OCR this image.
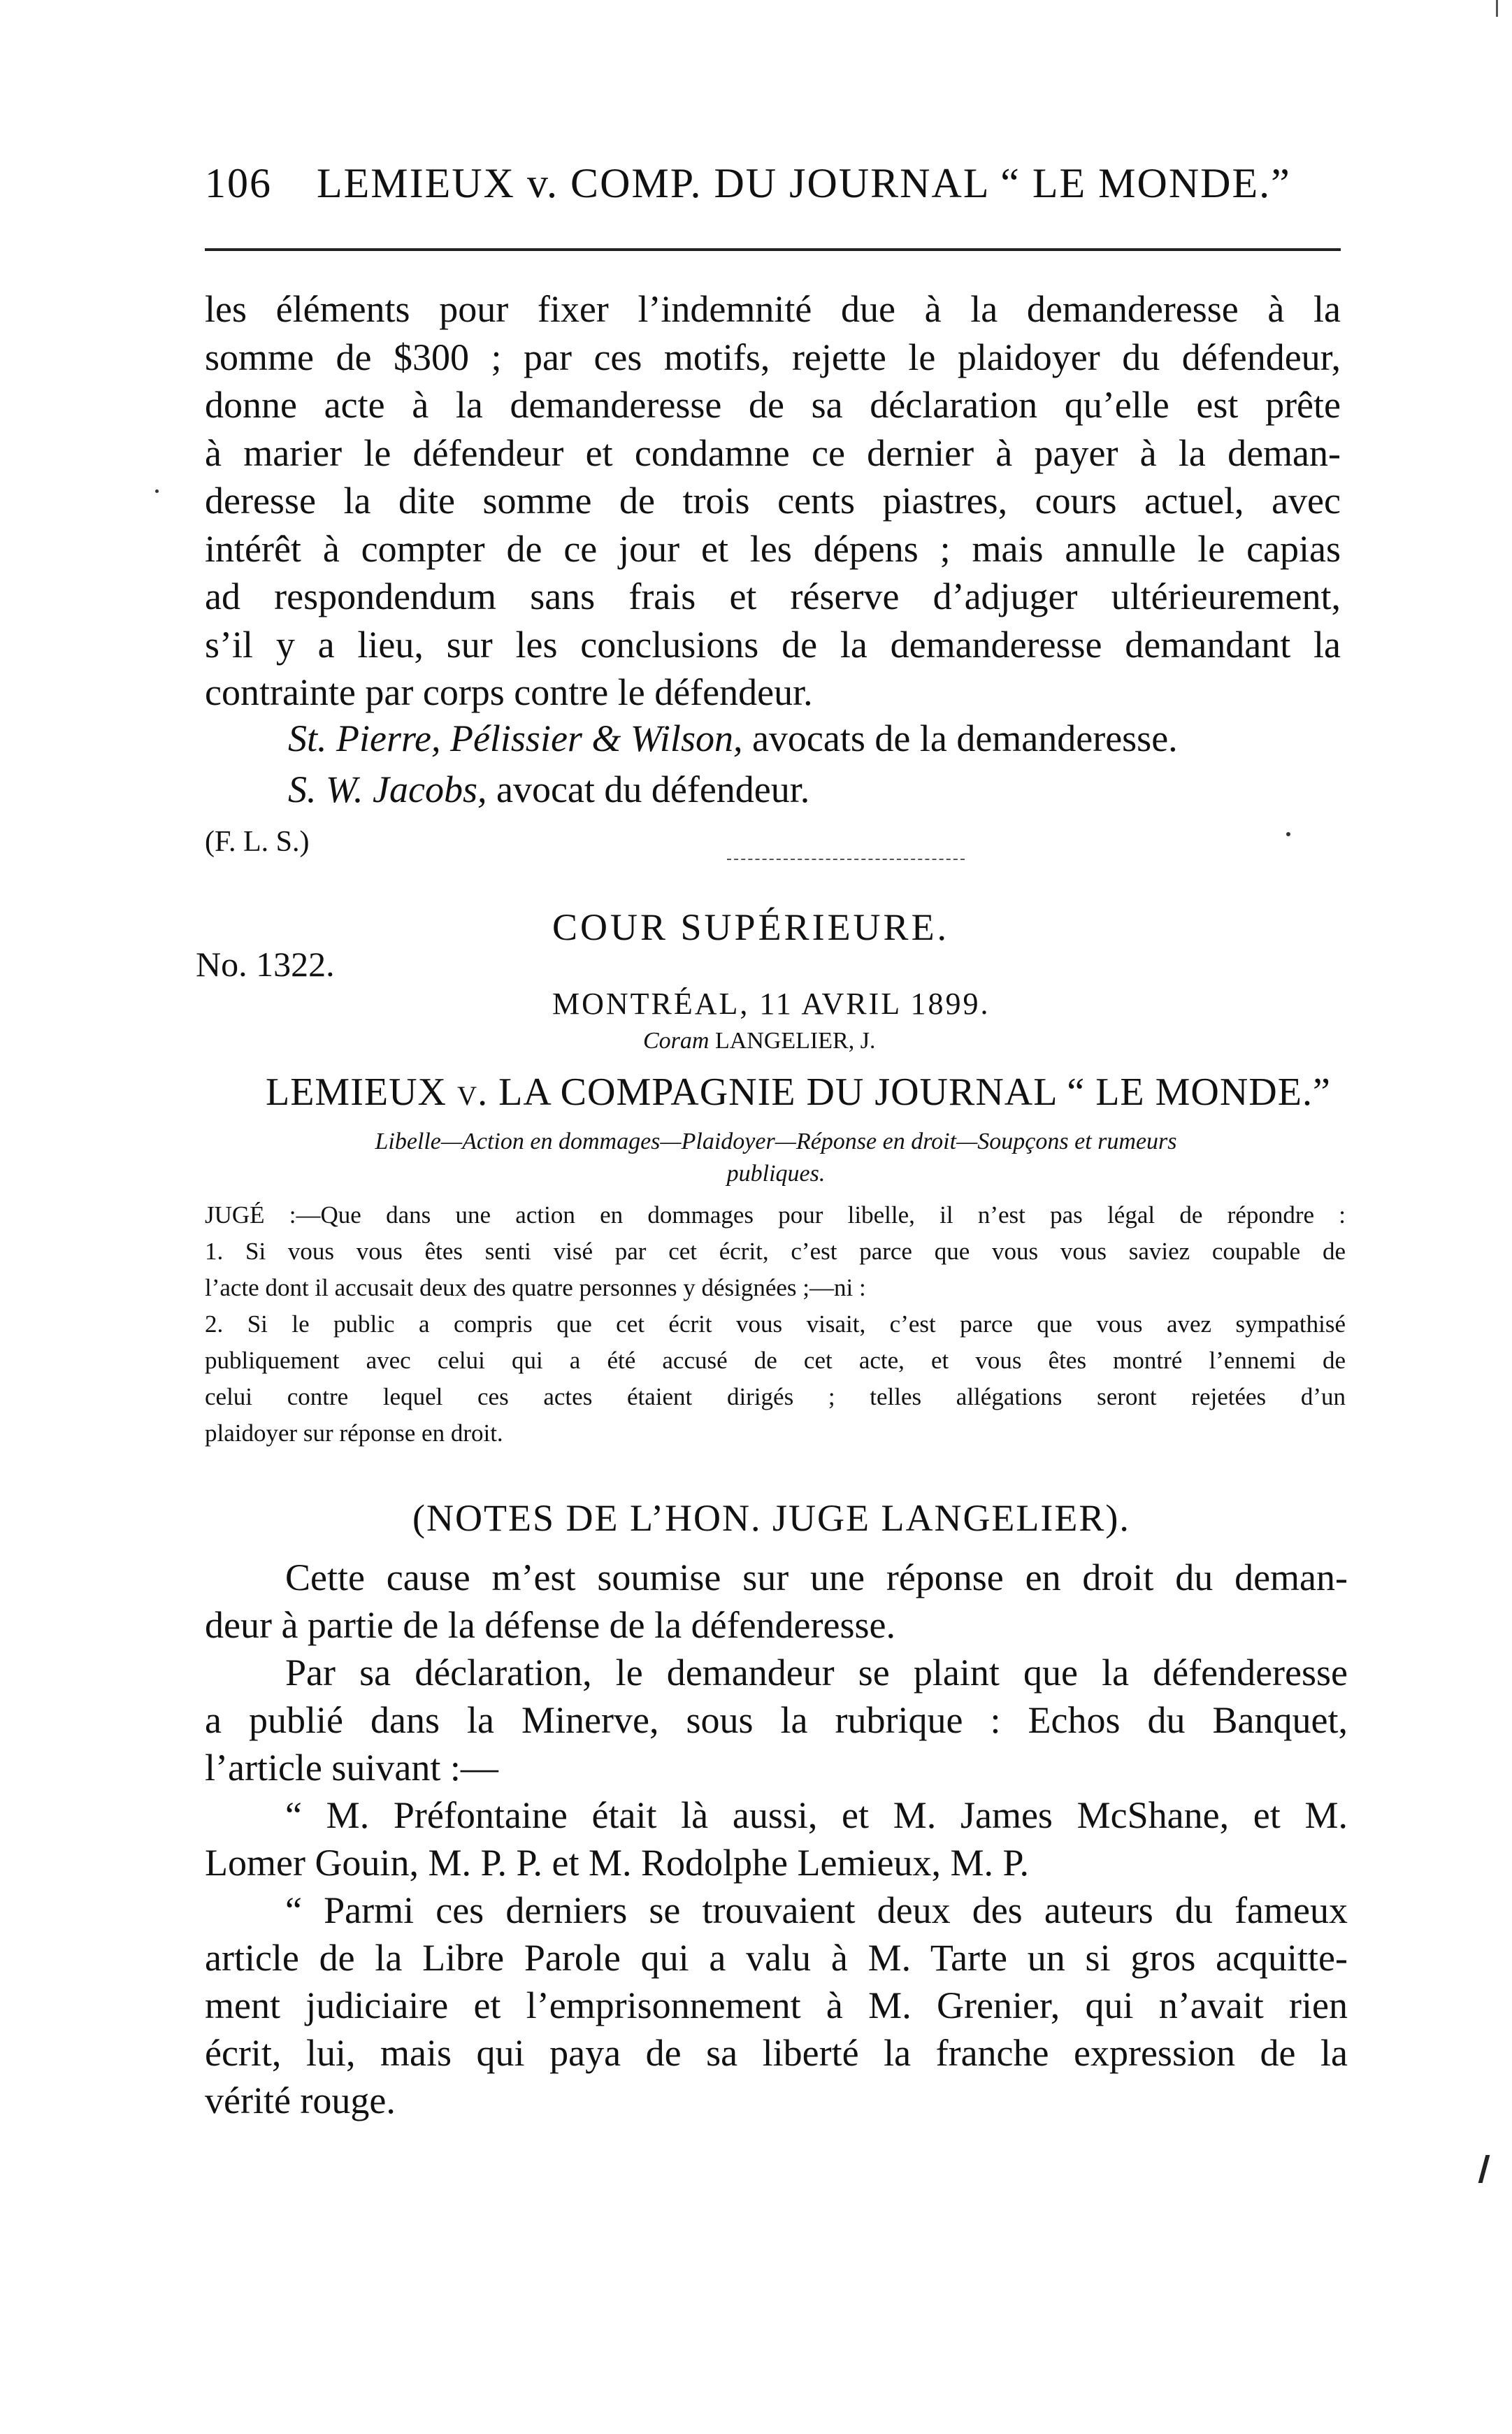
106 LEMIEUX v. COMP. DU JOURNAL “ LE MONDE.”
les éléments pour fixer l’indemnité due à la demanderesse à la
somme de $300 ; par ces motifs, rejette le plaidoyer du défendeur,
donne acte à la demanderesse de sa déclaration qu’elle est prête
à marier le défendeur et condamne ce dernier à payer à la deman-
deresse la dite somme de trois cents piastres, cours actuel, avec
intérêt à compter de ce jour et les dépens ; mais annulle le capias
ad respondendum sans frais et réserve d’adjuger ultérieurement,
s’il y a lieu, sur les conclusions de la demanderesse demandant la
contrainte par corps contre le défendeur.
St. Pierre, Pélissier & Wilson, avocats de la demanderesse.
S. W. Jacobs, avocat du défendeur.
(F. L. S.)
COUR SUPÉRIEURE.
No. 1322.
MONTRÉAL, 11 AVRIL 1899.
Coram LANGELIER, J.
LEMIEUX v. LA COMPAGNIE DU JOURNAL “ LE MONDE.”
Libelle—Action en dommages—Plaidoyer—Réponse en droit—Soupçons et rumeurs
publiques.
JUGÉ :—Que dans une action en dommages pour libelle, il n’est pas légal de répondre :
1. Si vous vous êtes senti visé par cet écrit, c’est parce que vous vous saviez coupable de
l’acte dont il accusait deux des quatre personnes y désignées ;—ni :
2. Si le public a compris que cet écrit vous visait, c’est parce que vous avez sympathisé
publiquement avec celui qui a été accusé de cet acte, et vous êtes montré l’ennemi de
celui contre lequel ces actes étaient dirigés ; telles allégations seront rejetées d’un
plaidoyer sur réponse en droit.
(NOTES DE L’HON. JUGE LANGELIER).
Cette cause m’est soumise sur une réponse en droit du deman-
deur à partie de la défense de la défenderesse.
Par sa déclaration, le demandeur se plaint que la défenderesse
a publié dans la Minerve, sous la rubrique : Echos du Banquet,
l’article suivant :—
“ M. Préfontaine était là aussi, et M. James McShane, et M.
Lomer Gouin, M. P. P. et M. Rodolphe Lemieux, M. P.
“ Parmi ces derniers se trouvaient deux des auteurs du fameux
article de la Libre Parole qui a valu à M. Tarte un si gros acquitte-
ment judiciaire et l’emprisonnement à M. Grenier, qui n’avait rien
écrit, lui, mais qui paya de sa liberté la franche expression de la
vérité rouge.
